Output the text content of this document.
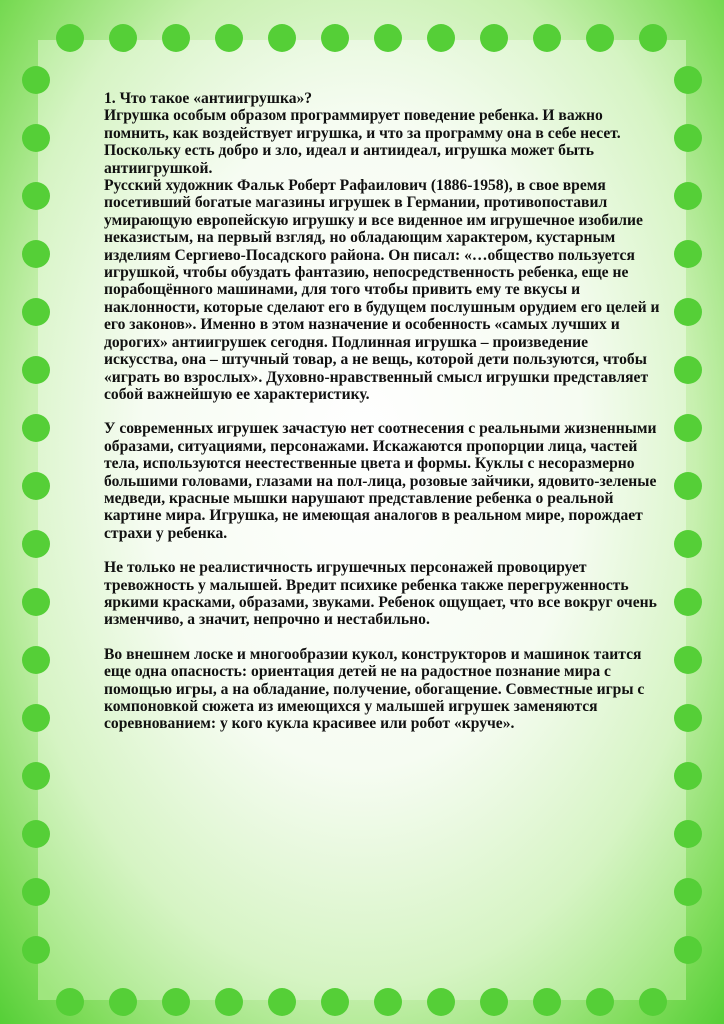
1. Что такое «антиигрушка»?

Игрушка особым образом программирует поведение ребенка. И важно помнить, как воздействует игрушка, и что за программу она в себе несет. Поскольку есть добро и зло, идеал и антиидеал, игрушка может быть антиигрушкой.

Русский художник Фальк Роберт Рафаилович (1886-1958), в свое время посетивший богатые магазины игрушек в Германии, противопоставил умирающую европейскую игрушку и все виденное им игрушечное изобилие неказистым, на первый взгляд, но обладающим характером, кустарным изделиям Сергиево-Посадского района. Он писал: «…общество пользуется игрушкой, чтобы обуздать фантазию, непосредственность ребенка, еще не порабощённого машинами, для того чтобы привить ему те вкусы и наклонности, которые сделают его в будущем послушным орудием его целей и его законов». Именно в этом назначение и особенность «самых лучших и дорогих» антиигрушек сегодня. Подлинная игрушка – произведение искусства, она – штучный товар, а не вещь, которой дети пользуются, чтобы «играть во взрослых». Духовно-нравственный смысл игрушки представляет собой важнейшую ее характеристику.

У современных игрушек зачастую нет соотнесения с реальными жизненными образами, ситуациями, персонажами. Искажаются пропорции лица, частей тела, используются неестественные цвета и формы. Куклы с несоразмерно большими головами, глазами на пол-лица, розовые зайчики, ядовито-зеленые медведи, красные мышки нарушают представление ребенка о реальной картине мира. Игрушка, не имеющая аналогов в реальном мире, порождает страхи у ребенка.

Не только не реалистичность игрушечных персонажей провоцирует тревожность у малышей. Вредит психике ребенка также перегруженность яркими красками, образами, звуками. Ребенок ощущает, что все вокруг очень изменчиво, а значит, непрочно и нестабильно.

Во внешнем лоске и многообразии кукол, конструкторов и машинок таится еще одна опасность: ориентация детей не на радостное познание мира с помощью игры, а на обладание, получение, обогащение. Совместные игры с компоновкой сюжета из имеющихся у малышей игрушек заменяются соревнованием: у кого кукла красивее или робот «круче».
